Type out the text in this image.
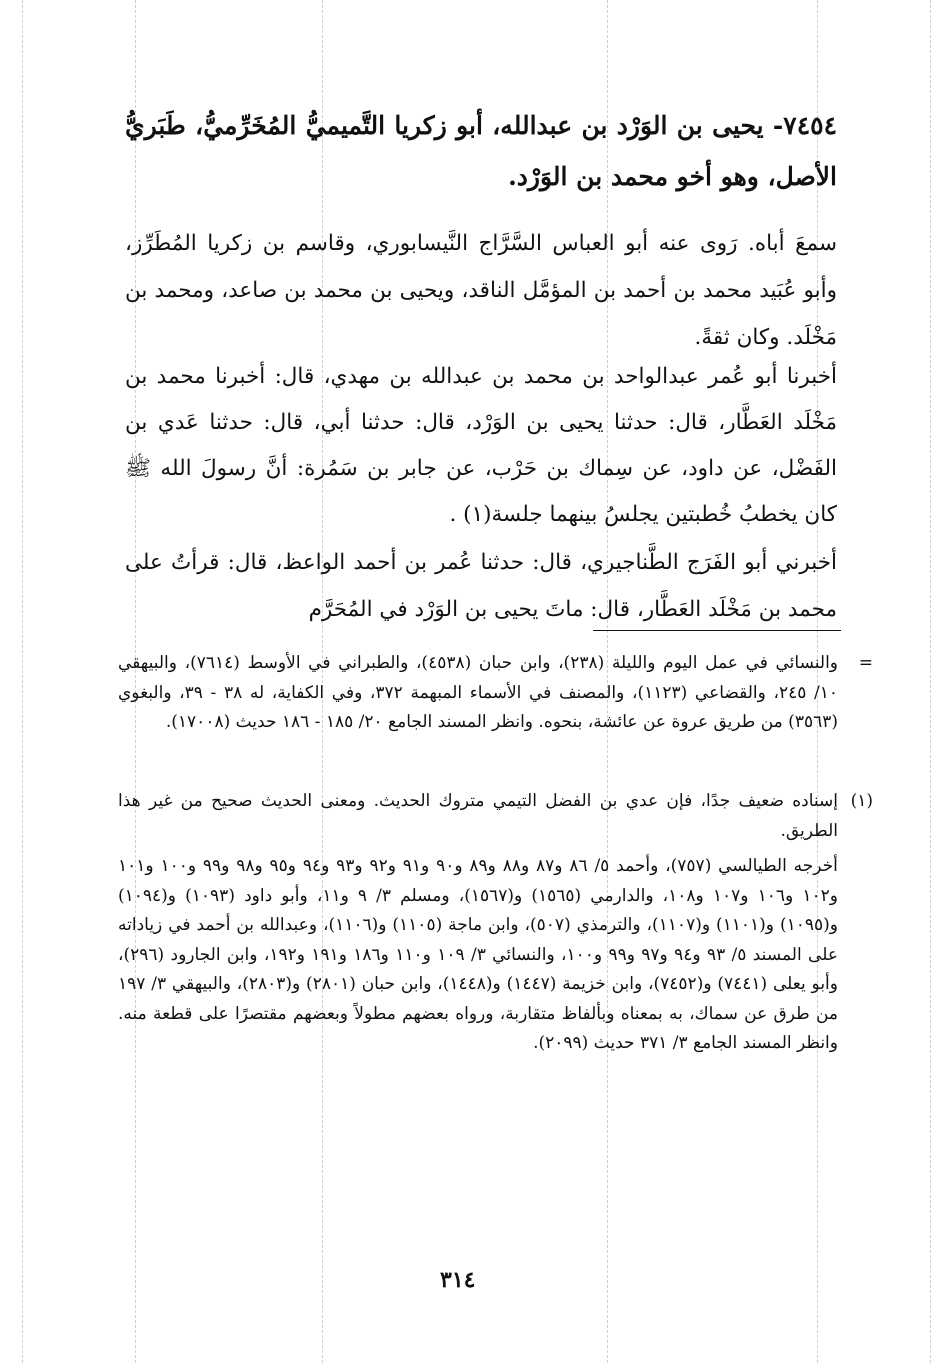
٧٤٥٤- يحيى بن الوَرْد بن عبدالله، أبو زكريا التَّميميُّ المُخَرِّميُّ، طَبَريُّ الأصل، وهو أخو محمد بن الوَرْد.
سمعَ أباه. رَوى عنه أبو العباس السَّرَّاج النَّيسابوري، وقاسم بن زكريا المُطَرِّز، وأبو عُبَيد محمد بن أحمد بن المؤمَّل الناقد، ويحيى بن محمد بن صاعد، ومحمد بن مَخْلَد. وكان ثقةً.
أخبرنا أبو عُمر عبدالواحد بن محمد بن عبدالله بن مهدي، قال: أخبرنا محمد بن مَخْلَد العَطَّار، قال: حدثنا يحيى بن الوَرْد، قال: حدثنا أبي، قال: حدثنا عَدي بن الفَضْل، عن داود، عن سِماك بن حَرْب، عن جابر بن سَمُرة: أنَّ رسولَ الله ﷺ كان يخطبُ خُطبتين يجلسُ بينهما جلسة(١) .
أخبرني أبو الفَرَج الطَّناجيري، قال: حدثنا عُمر بن أحمد الواعظ، قال: قرأتُ على محمد بن مَخْلَد العَطَّار، قال: ماتَ يحيى بن الوَرْد في المُحَرَّم
=
والنسائي في عمل اليوم والليلة (٢٣٨)، وابن حبان (٤٥٣٨)، والطبراني في الأوسط (٧٦١٤)، والبيهقي ١٠/ ٢٤٥، والقضاعي (١١٢٣)، والمصنف في الأسماء المبهمة ٣٧٢، وفي الكفاية، له ٣٨ - ٣٩، والبغوي (٣٥٦٣) من طريق عروة عن عائشة، بنحوه. وانظر المسند الجامع ٢٠/ ١٨٥ - ١٨٦ حديث (١٧٠٠٨).
(١)
إسناده ضعيف جدًا، فإن عدي بن الفضل التيمي متروك الحديث. ومعنى الحديث صحيح من غير هذا الطريق.
أخرجه الطيالسي (٧٥٧)، وأحمد ٥/ ٨٦ و٨٧ و٨٨ و٨٩ و٩٠ و٩١ و٩٢ و٩٣ و٩٤ و٩٥ و٩٨ و٩٩ و١٠٠ و١٠١ و١٠٢ و١٠٦ و١٠٧ و١٠٨، والدارمي (١٥٦٥) و(١٥٦٧)، ومسلم ٣/ ٩ و١١، وأبو داود (١٠٩٣) و(١٠٩٤) و(١٠٩٥) و(١١٠١) و(١١٠٧)، والترمذي (٥٠٧)، وابن ماجة (١١٠٥) و(١١٠٦)، وعبدالله بن أحمد في زياداته على المسند ٥/ ٩٣ و٩٤ و٩٧ و٩٩ و١٠٠، والنسائي ٣/ ١٠٩ و١١٠ و١٨٦ و١٩١ و١٩٢، وابن الجارود (٢٩٦)، وأبو يعلى (٧٤٤١) و(٧٤٥٢)، وابن خزيمة (١٤٤٧) و(١٤٤٨)، وابن حبان (٢٨٠١) و(٢٨٠٣)، والبيهقي ٣/ ١٩٧ من طرق عن سماك، به بمعناه وبألفاظ متقاربة، ورواه بعضهم مطولاً وبعضهم مقتصرًا على قطعة منه. وانظر المسند الجامع ٣/ ٣٧١ حديث (٢٠٩٩).
٣١٤
